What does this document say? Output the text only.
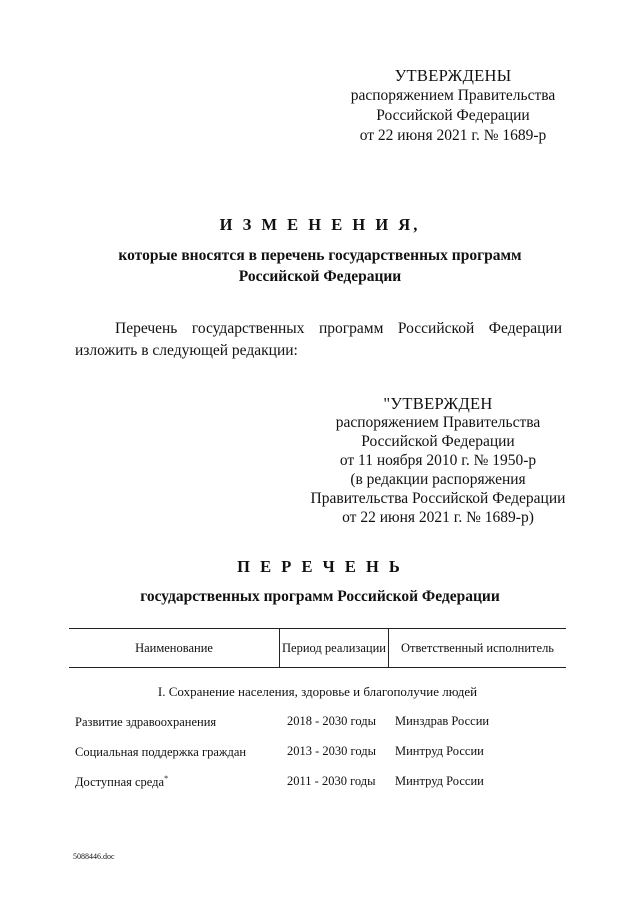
УТВЕРЖДЕНЫ
распоряжением Правительства
Российской Федерации
от 22 июня 2021 г. № 1689-р
И З М Е Н Е Н И Я,
которые вносятся в перечень государственных программ
Российской Федерации
Перечень государственных программ Российской Федерации
изложить в следующей редакции:
"УТВЕРЖДЕН
распоряжением Правительства
Российской Федерации
от 11 ноября 2010 г. № 1950-р
(в редакции распоряжения
Правительства Российской Федерации
от 22 июня 2021 г. № 1689-р)
П Е Р Е Ч Е Н Ь
государственных программ Российской Федерации
Наименование	Период реализации	Ответственный исполнитель
I. Сохранение населения, здоровье и благополучие людей
Развитие здравоохранения	2018 - 2030 годы	Минздрав России
Социальная поддержка граждан	2013 - 2030 годы	Минтруд России
Доступная среда*	2011 - 2030 годы	Минтруд России
5088446.doc
